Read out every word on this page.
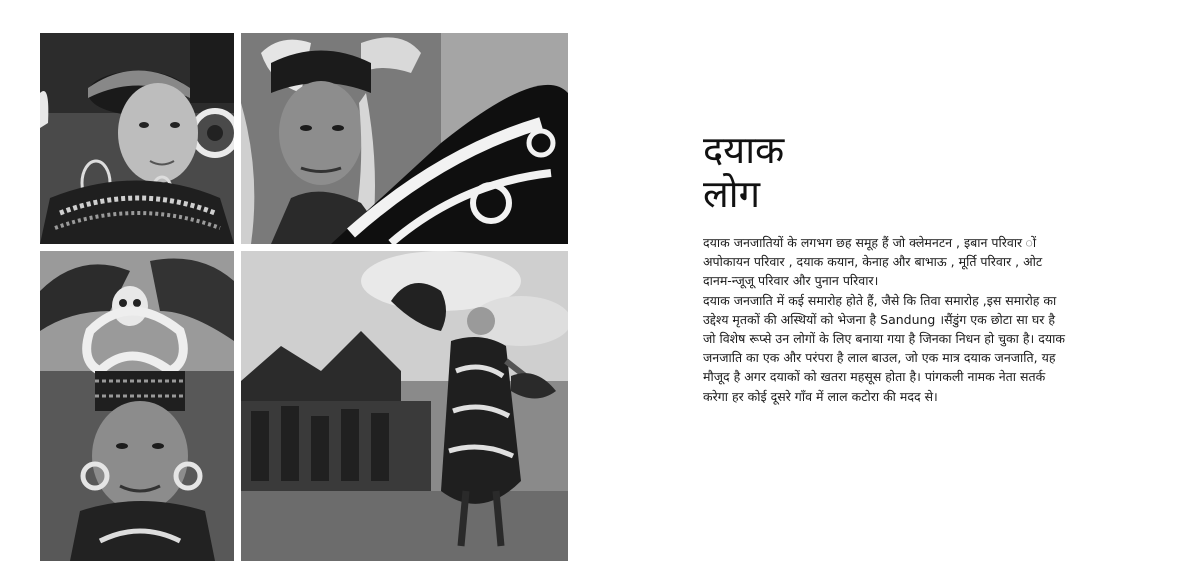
दयाक
लोग

दयाक जनजातियों के लगभग छह समूह हैं जो क्लेमनटन , इबान परिवार ों अपोकायन परिवार , दयाक कयान, केनाह और बाभाऊ , मूर्ति परिवार , ओट दानम-न्जूजू परिवार और पुनान परिवार।

दयाक जनजाति में कई समारोह होते हैं, जैसे कि तिवा समारोह ,इस समारोह का उद्देश्य मृतकों की अस्थियों को भेजना है Sandung ।सैंडुंग एक छोटा सा घर है जो विशेष रूप्से उन लोगों के लिए बनाया गया है जिनका निधन हो चुका है। दयाक जनजाति का एक और परंपरा है लाल बाउल, जो एक मात्र दयाक जनजाति, यह मौजूद है अगर दयाकों को खतरा महसूस होता है। पांगकली नामक नेता सतर्क करेगा हर कोई दूसरे गाँव में लाल कटोरा की मदद से।
